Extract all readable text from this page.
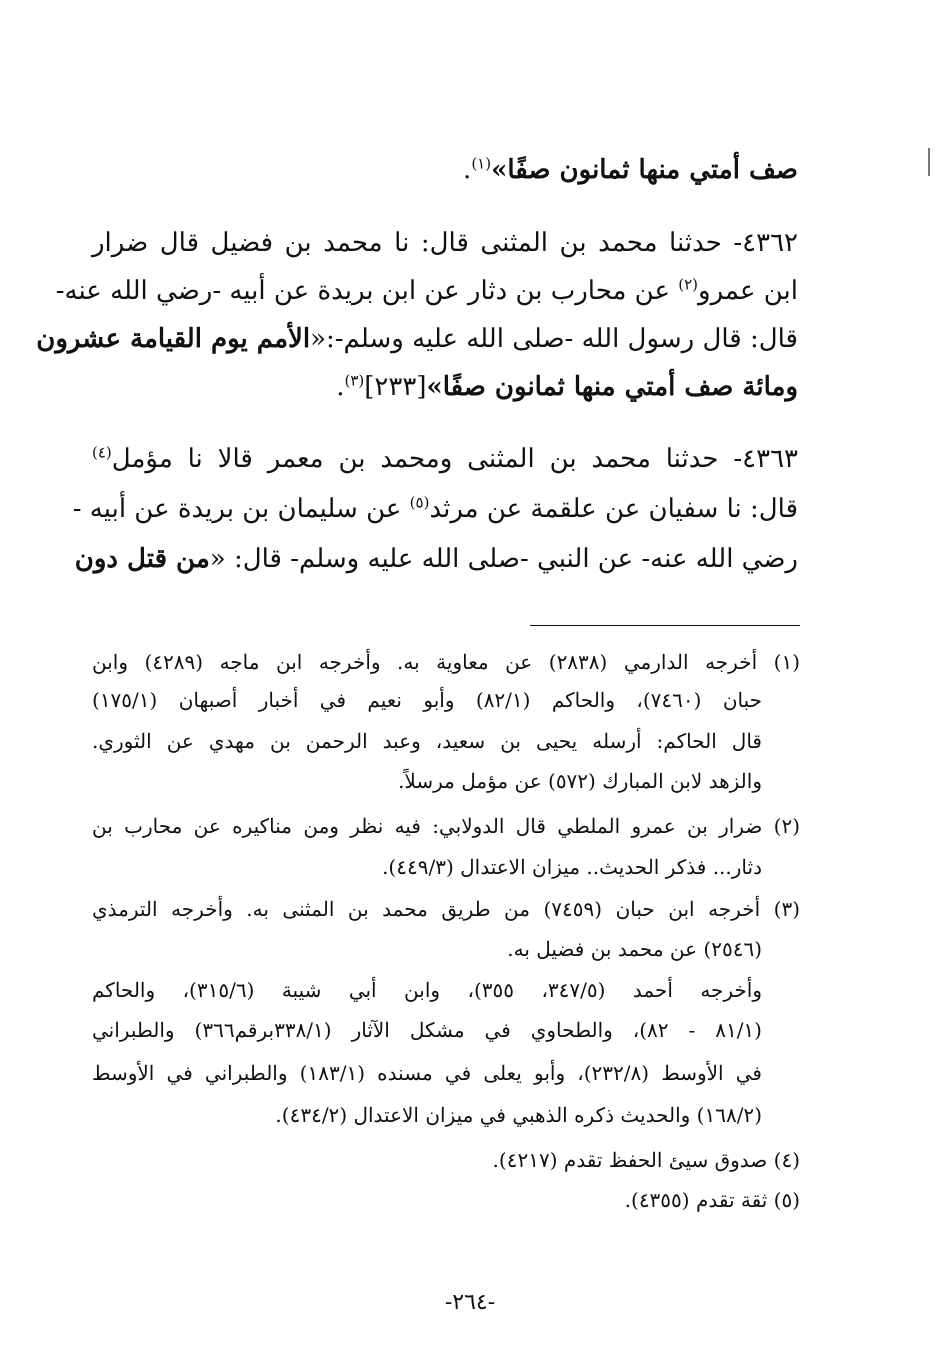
صف أمتي منها ثمانون صفًا»$^{(١)}$.
٤٣٦٢- حدثنا محمد بن المثنى قال: نا محمد بن فضيل قال ضرار
ابن عمرو$^{(٢)}$ عن محارب بن دثار عن ابن بريدة عن أبيه -رضي الله عنه-
قال: قال رسول الله -صلى الله عليه وسلم-:«الأمم يوم القيامة عشرون
ومائة صف أمتي منها ثمانون صفًا»[٢٣٣]$^{(٣)}$.
٤٣٦٣- حدثنا محمد بن المثنى ومحمد بن معمر قالا نا مؤمل$^{(٤)}$
قال: نا سفيان عن علقمة عن مرثد$^{(٥)}$ عن سليمان بن بريدة عن أبيه -
رضي الله عنه- عن النبي -صلى الله عليه وسلم- قال: «من قتل دون
(١) أخرجه الدارمي (٢٨٣٨) عن معاوية به. وأخرجه ابن ماجه (٤٢٨٩) وابن
حبان (٧٤٦٠)، والحاكم (٨٢/١) وأبو نعيم في أخبار أصبهان (١٧٥/١)
قال الحاكم: أرسله يحيى بن سعيد، وعبد الرحمن بن مهدي عن الثوري.
والزهد لابن المبارك (٥٧٢) عن مؤمل مرسلاً.
(٢) ضرار بن عمرو الملطي قال الدولابي: فيه نظر ومن مناكيره عن محارب بن
دثار... فذكر الحديث.. ميزان الاعتدال (٤٤٩/٣).
(٣) أخرجه ابن حبان (٧٤٥٩) من طريق محمد بن المثنى به. وأخرجه الترمذي
(٢٥٤٦) عن محمد بن فضيل به.
وأخرجه أحمد (٣٤٧/٥، ٣٥٥)، وابن أبي شيبة (٣١٥/٦)، والحاكم
(٨١/١ - ٨٢)، والطحاوي في مشكل الآثار (٣٣٨/١برقم٣٦٦) والطبراني
في الأوسط (٢٣٢/٨)، وأبو يعلى في مسنده (١٨٣/١) والطبراني في الأوسط
(١٦٨/٢) والحديث ذكره الذهبي في ميزان الاعتدال (٤٣٤/٢).
(٤) صدوق سيئ الحفظ تقدم (٤٢١٧).
(٥) ثقة تقدم (٤٣٥٥).
-٢٦٤-
